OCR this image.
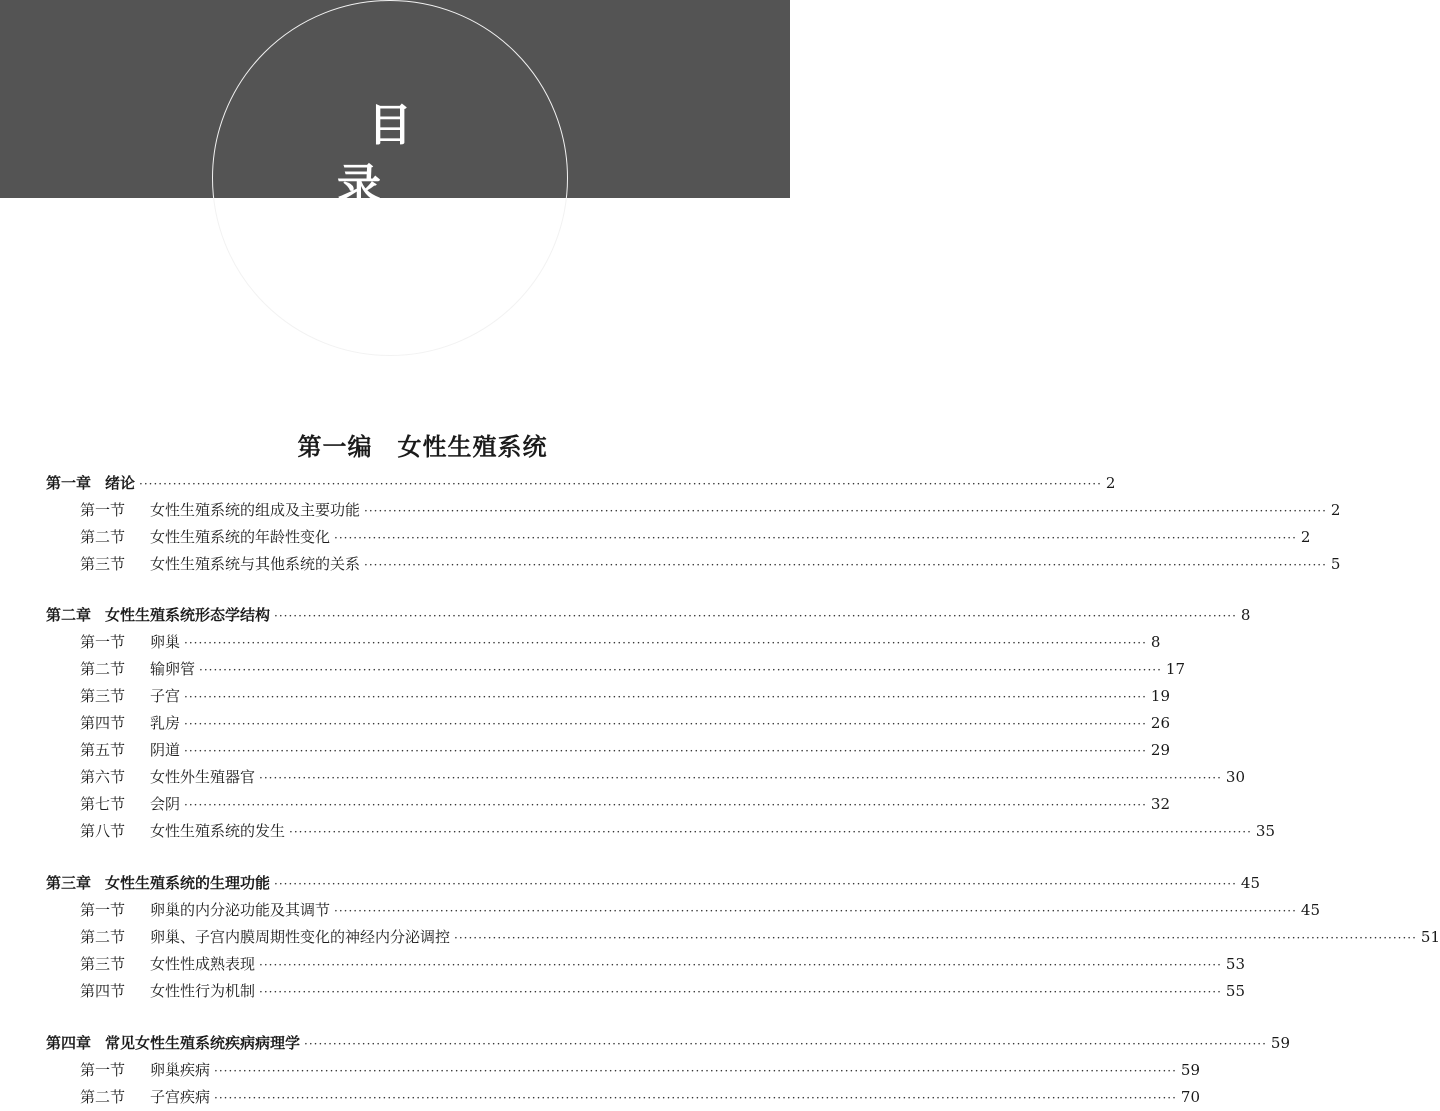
目　录
第一编　女性生殖系统
第一章 绪论 ········································································································································································································ 2
第一节	女性生殖系统的组成及主要功能 ········································································································································································································ 2
第二节	女性生殖系统的年龄性变化 ········································································································································································································ 2
第三节	女性生殖系统与其他系统的关系 ········································································································································································································ 5
第二章 女性生殖系统形态学结构 ········································································································································································································ 8
第一节	卵巢 ········································································································································································································ 8
第二节	输卵管 ········································································································································································································ 17
第三节	子宫 ········································································································································································································ 19
第四节	乳房 ········································································································································································································ 26
第五节	阴道 ········································································································································································································ 29
第六节	女性外生殖器官 ········································································································································································································ 30
第七节	会阴 ········································································································································································································ 32
第八节	女性生殖系统的发生 ········································································································································································································ 35
第三章 女性生殖系统的生理功能 ········································································································································································································ 45
第一节	卵巢的内分泌功能及其调节 ········································································································································································································ 45
第二节	卵巢、子宫内膜周期性变化的神经内分泌调控 ········································································································································································································ 51
第三节	女性性成熟表现 ········································································································································································································ 53
第四节	女性性行为机制 ········································································································································································································ 55
第四章 常见女性生殖系统疾病病理学 ········································································································································································································ 59
第一节	卵巢疾病 ········································································································································································································ 59
第二节	子宫疾病 ········································································································································································································ 70
